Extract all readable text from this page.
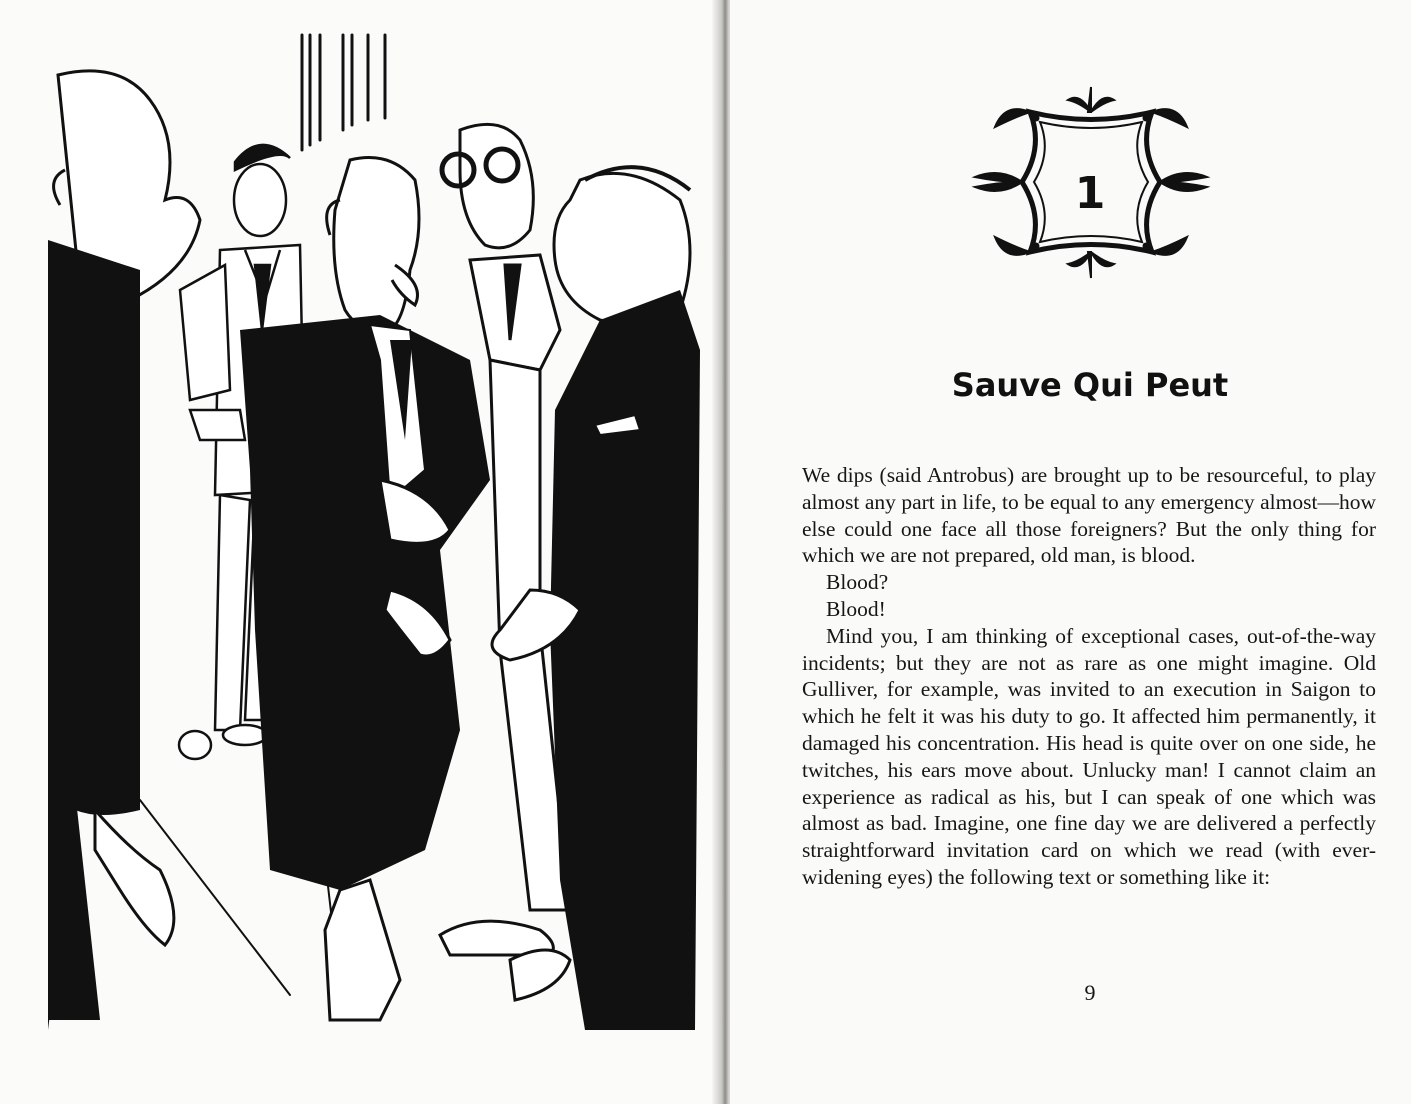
1
Sauve Qui Peut

We dips (said Antrobus) are brought up to be resourceful, to play almost any part in life, to be equal to any emergency almost—how else could one face all those foreigners? But the only thing for which we are not prepared, old man, is blood.

Blood?

Blood!

Mind you, I am thinking of exceptional cases, out-of-the-way incidents; but they are not as rare as one might imagine. Old Gulliver, for example, was invited to an execution in Saigon to which he felt it was his duty to go. It affected him permanently, it damaged his concentration. His head is quite over on one side, he twitches, his ears move about. Unlucky man! I cannot claim an experience as radical as his, but I can speak of one which was almost as bad. Imagine, one fine day we are delivered a perfectly straightforward invitation card on which we read (with ever-widening eyes) the following text or something like it:

9
